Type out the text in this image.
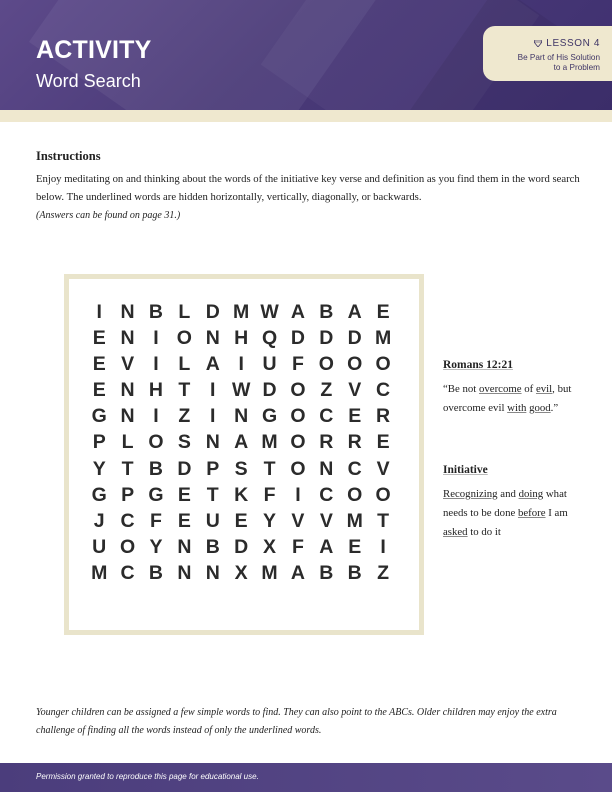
ACTIVITY
Word Search
LESSON 4
Be Part of His Solution
to a Problem
Instructions
Enjoy meditating on and thinking about the words of the initiative key verse and definition as you find them in the word search below. The underlined words are hidden horizontally, vertically, diagonally, or backwards.
(Answers can be found on page 31.)
I N B L D M W A B A E
E N I O N H Q D D D M
E V I	L A I U F O O O
E N H T	I W D O Z V C
G N I	Z	I N G O C E R
P L O S N A M O R R E
Y T B D P S T O N C V
G P G E T K F	I C O O
J C F E U E Y V V M T
U O Y N B D X F A E I
M C B N N X M A B B Z
Romans 12:21
“Be not overcome of evil, but overcome evil with good.”
Initiative
Recognizing and doing what needs to be done before I am asked to do it
Younger children can be assigned a few simple words to find. They can also point to the ABCs. Older children may enjoy the extra challenge of finding all the words instead of only the underlined words.
Permission granted to reproduce this page for educational use.
